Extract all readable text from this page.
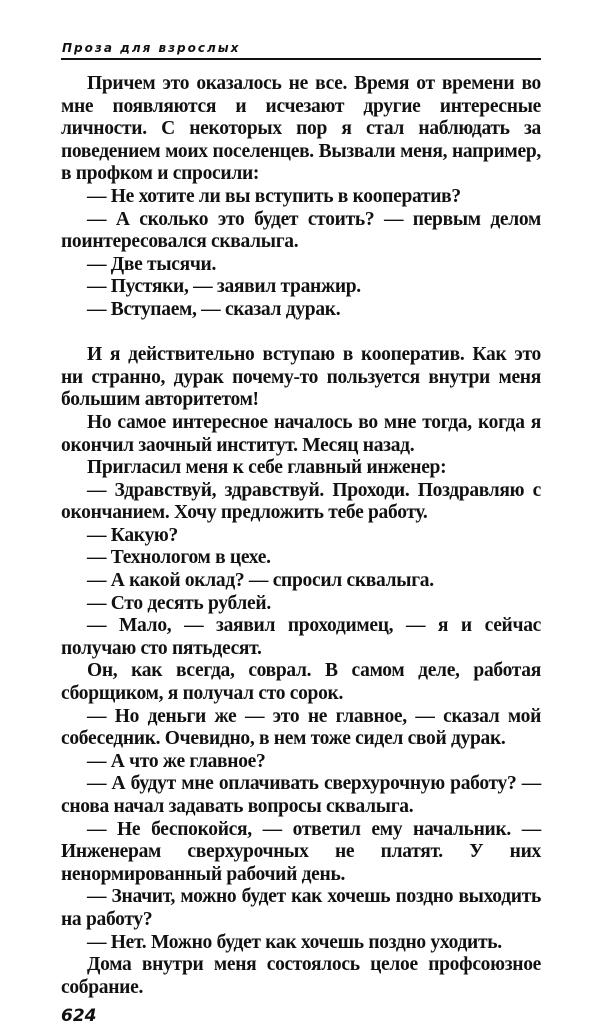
Проза для взрослых

Причем это оказалось не все. Время от времени во мне появляются и исчезают другие интересные личности. С некоторых пор я стал наблюдать за поведением моих поселенцев. Вызвали меня, например, в профком и спросили:

— Не хотите ли вы вступить в кооператив?

— А сколько это будет стоить? — первым делом поинтересовался сквалыга.

— Две тысячи.

— Пустяки, — заявил транжир.

— Вступаем, — сказал дурак.

И я действительно вступаю в кооператив. Как это ни странно, дурак почему-то пользуется внутри меня большим авторитетом!

Но самое интересное началось во мне тогда, когда я окончил заочный институт. Месяц назад.

Пригласил меня к себе главный инженер:

— Здравствуй, здравствуй. Проходи. Поздравляю с окончанием. Хочу предложить тебе работу.

— Какую?

— Технологом в цехе.

— А какой оклад? — спросил сквалыга.

— Сто десять рублей.

— Мало, — заявил проходимец, — я и сейчас получаю сто пятьдесят.

Он, как всегда, соврал. В самом деле, работая сборщиком, я получал сто сорок.

— Но деньги же — это не главное, — сказал мой собеседник. Очевидно, в нем тоже сидел свой дурак.

— А что же главное?

— А будут мне оплачивать сверхурочную работу? — снова начал задавать вопросы сквалыга.

— Не беспокойся, — ответил ему начальник. — Инженерам сверхурочных не платят. У них ненормированный рабочий день.

— Значит, можно будет как хочешь поздно выходить на работу?

— Нет. Можно будет как хочешь поздно уходить.

Дома внутри меня состоялось целое профсоюзное собрание.

624
